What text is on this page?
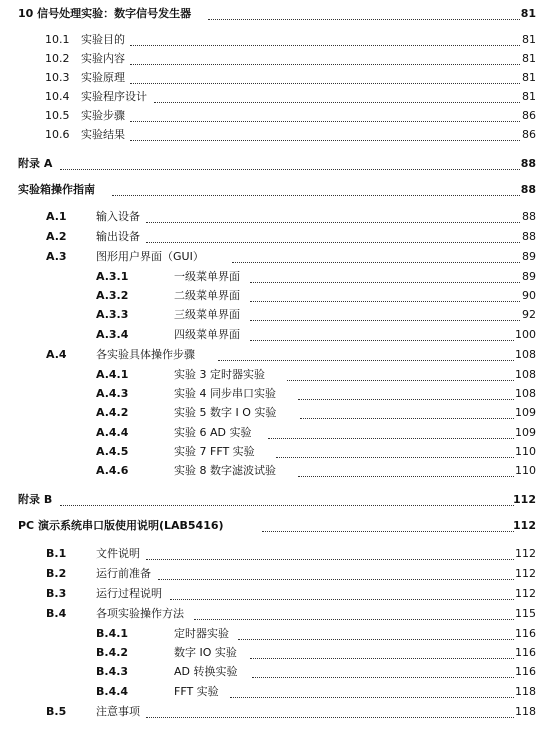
10 信号处理实验：数字信号发生器	81
10.1 实验目的	81
10.2 实验内容	81
10.3 实验原理	81
10.4 实验程序设计	81
10.5 实验步骤	86
10.6 实验结果	86
附录 A	88
实验箱操作指南	88
A.1	输入设备	88
A.2	输出设备	88
A.3	图形用户界面（GUI）	89
A.3.1	一级菜单界面	89
A.3.2	二级菜单界面	90
A.3.3	三级菜单界面	92
A.3.4	四级菜单界面	100
A.4	各实验具体操作步骤	108
A.4.1	实验 3 定时器实验	108
A.4.3	实验 4 同步串口实验	108
A.4.2	实验 5 数字 I O 实验	109
A.4.4	实验 6 AD 实验	109
A.4.5	实验 7 FFT 实验	110
A.4.6	实验 8 数字滤波试验	110
附录 B	112
PC 演示系统串口版使用说明(LAB5416)	112
B.1	文件说明	112
B.2	运行前准备	112
B.3	运行过程说明	112
B.4	各项实验操作方法	115
B.4.1	定时器实验	116
B.4.2	数字 IO 实验	116
B.4.3	AD 转换实验	116
B.4.4	FFT 实验	118
B.5	注意事项	118
